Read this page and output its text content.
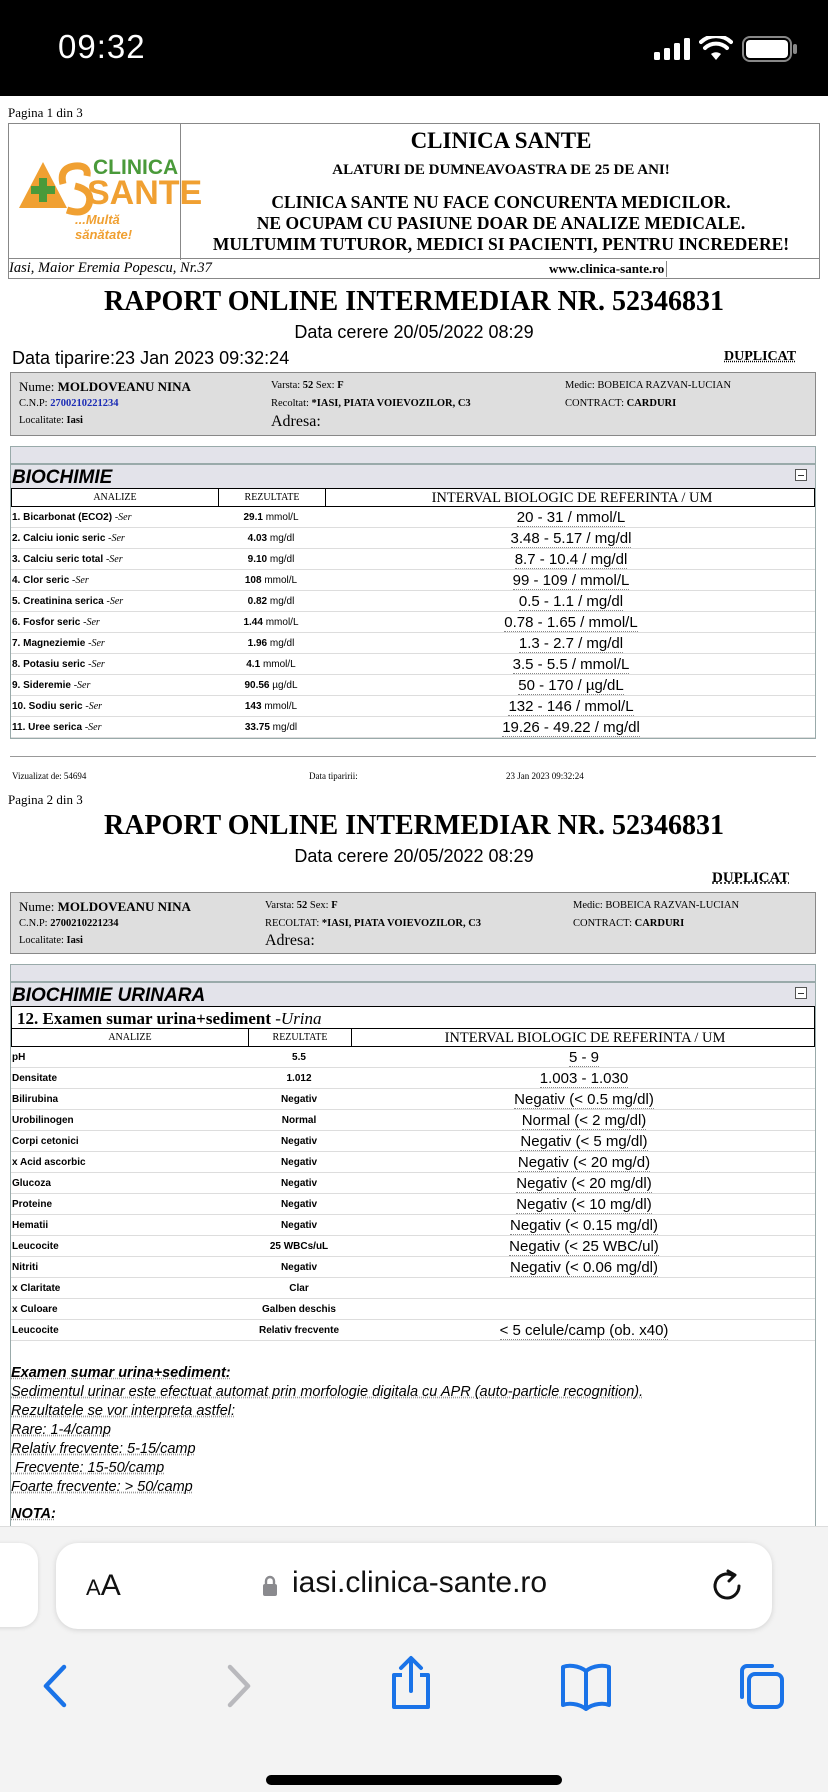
09:32
Pagina 1 din 3
CLINICA
SANTE
...Multă sănătate!
CLINICA SANTE
ALATURI DE DUMNEAVOASTRA DE 25 DE ANI!
CLINICA SANTE NU FACE CONCURENTA MEDICILOR.
NE OCUPAM CU PASIUNE DOAR DE ANALIZE MEDICALE.
MULTUMIM TUTUROR, MEDICI SI PACIENTI, PENTRU INCREDERE!
Iasi, Maior Eremia Popescu, Nr.37	www.clinica-sante.ro
RAPORT ONLINE INTERMEDIAR NR. 52346831
Data cerere 20/05/2022 08:29
Data tiparire:23 Jan 2023 09:32:24	DUPLICAT
Nume: MOLDOVEANU NINA
C.N.P: 2700210221234
Localitate: Iasi
Varsta: 52 Sex: F
Recoltat: *IASI, PIATA VOIEVOZILOR, C3
Adresa:
Medic: BOBEICA RAZVAN-LUCIAN
CONTRACT: CARDURI
BIOCHIMIE
ANALIZE	REZULTATE	INTERVAL BIOLOGIC DE REFERINTA / UM
1. Bicarbonat (ECO2) -Ser	29.1 mmol/L	20 - 31 / mmol/L
2. Calciu ionic seric -Ser	4.03 mg/dl	3.48 - 5.17 / mg/dl
3. Calciu seric total -Ser	9.10 mg/dl	8.7 - 10.4 / mg/dl
4. Clor seric -Ser	108 mmol/L	99 - 109 / mmol/L
5. Creatinina serica -Ser	0.82 mg/dl	0.5 - 1.1 / mg/dl
6. Fosfor seric -Ser	1.44 mmol/L	0.78 - 1.65 / mmol/L
7. Magneziemie -Ser	1.96 mg/dl	1.3 - 2.7 / mg/dl
8. Potasiu seric -Ser	4.1 mmol/L	3.5 - 5.5 / mmol/L
9. Sideremie -Ser	90.56 µg/dL	50 - 170 / µg/dL
10. Sodiu seric -Ser	143 mmol/L	132 - 146 / mmol/L
11. Uree serica -Ser	33.75 mg/dl	19.26 - 49.22 / mg/dl
Vizualizat de: 54694	Data tiparirii:	23 Jan 2023 09:32:24
Pagina 2 din 3
RAPORT ONLINE INTERMEDIAR NR. 52346831
Data cerere 20/05/2022 08:29
DUPLICAT
Nume: MOLDOVEANU NINA
C.N.P: 2700210221234
Localitate: Iasi
Varsta: 52 Sex: F
RECOLTAT: *IASI, PIATA VOIEVOZILOR, C3
Adresa:
Medic: BOBEICA RAZVAN-LUCIAN
CONTRACT: CARDURI
BIOCHIMIE URINARA
12. Examen sumar urina+sediment -Urina
ANALIZE	REZULTATE	INTERVAL BIOLOGIC DE REFERINTA / UM
pH	5.5	5 - 9
Densitate	1.012	1.003 - 1.030
Bilirubina	Negativ	Negativ (< 0.5 mg/dl)
Urobilinogen	Normal	Normal (< 2 mg/dl)
Corpi cetonici	Negativ	Negativ (< 5 mg/dl)
x Acid ascorbic	Negativ	Negativ (< 20 mg/d)
Glucoza	Negativ	Negativ (< 20 mg/dl)
Proteine	Negativ	Negativ (< 10 mg/dl)
Hematii	Negativ	Negativ (< 0.15 mg/dl)
Leucocite	25 WBCs/uL	Negativ (< 25 WBC/ul)
Nitriti	Negativ	Negativ (< 0.06 mg/dl)
x Claritate	Clar
x Culoare	Galben deschis
Leucocite	Relativ frecvente	< 5 celule/camp (ob. x40)
Examen sumar urina+sediment:
Sedimentul urinar este efectuat automat prin morfologie digitala cu APR (auto-particle recognition).
Rezultatele se vor interpreta astfel:
Rare: 1-4/camp
Relativ frecvente: 5-15/camp
Frecvente: 15-50/camp
Foarte frecvente: > 50/camp
NOTA:
AA	iasi.clinica-sante.ro
